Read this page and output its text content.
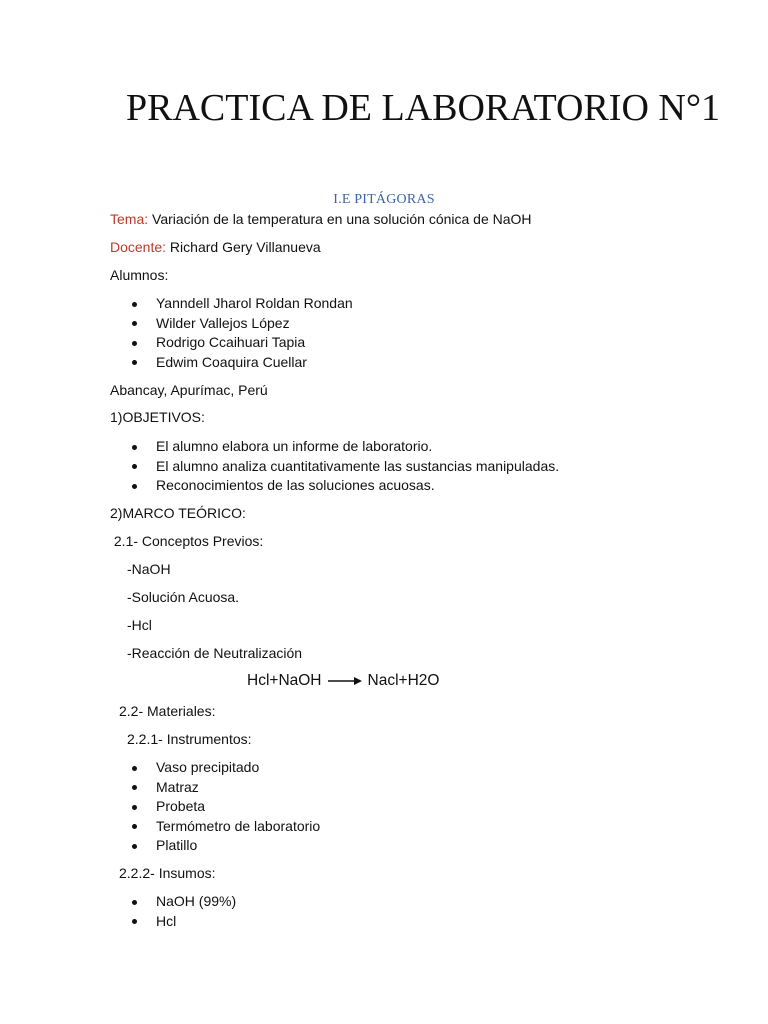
PRACTICA DE LABORATORIO N°1
I.E PITÁGORAS
Tema: Variación de la temperatura en una solución cónica de NaOH
Docente: Richard Gery Villanueva
Alumnos:
Yanndell Jharol Roldan Rondan
Wilder Vallejos López
Rodrigo Ccaihuari Tapia
Edwim Coaquira Cuellar
Abancay, Apurímac, Perú
1)OBJETIVOS:
El alumno elabora un informe de laboratorio.
El alumno analiza cuantitativamente las sustancias manipuladas.
Reconocimientos de las soluciones acuosas.
2)MARCO TEÓRICO:
2.1- Conceptos Previos:
-NaOH
-Solución Acuosa.
-Hcl
-Reacción de Neutralización
Hcl+NaOH	Nacl+H2O
2.2- Materiales:
2.2.1- Instrumentos:
Vaso precipitado
Matraz
Probeta
Termómetro de laboratorio
Platillo
2.2.2- Insumos:
NaOH (99%)
Hcl
